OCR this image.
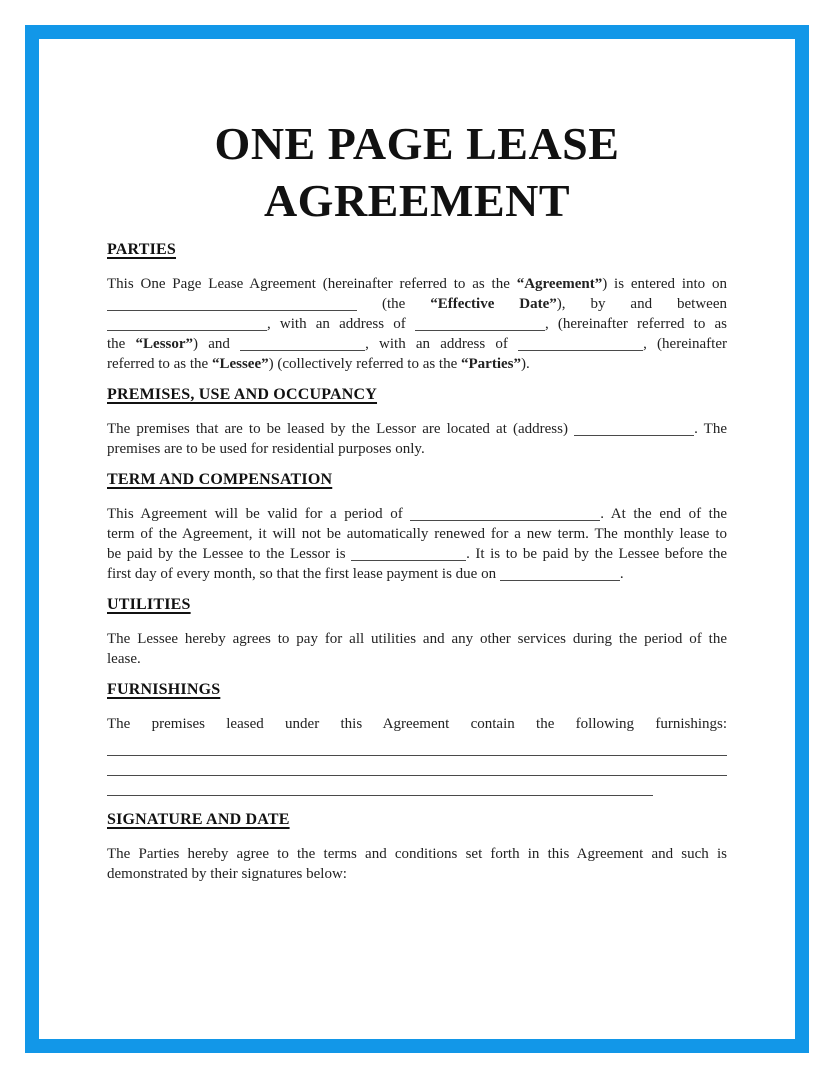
ONE PAGE LEASE
AGREEMENT
PARTIES
This One Page Lease Agreement (hereinafter referred to as the “Agreement”) is entered into on
(the “Effective Date”), by and between
, with an address of	, (hereinafter referred to as
the “Lessor”) and	, with an address of	, (hereinafter
referred to as the “Lessee”) (collectively referred to as the “Parties”).
PREMISES, USE AND OCCUPANCY
The premises that are to be leased by the Lessor are located at (address)	. The
premises are to be used for residential purposes only.
TERM AND COMPENSATION
This Agreement will be valid for a period of	. At the end of the
term of the Agreement, it will not be automatically renewed for a new term. The monthly lease to
be paid by the Lessee to the Lessor is	. It is to be paid by the Lessee before the
first day of every month, so that the first lease payment is due on	.
UTILITIES
The Lessee hereby agrees to pay for all utilities and any other services during the period of the
lease.
FURNISHINGS
The premises leased under this Agreement contain the following furnishings:
SIGNATURE AND DATE
The Parties hereby agree to the terms and conditions set forth in this Agreement and such is
demonstrated by their signatures below:
